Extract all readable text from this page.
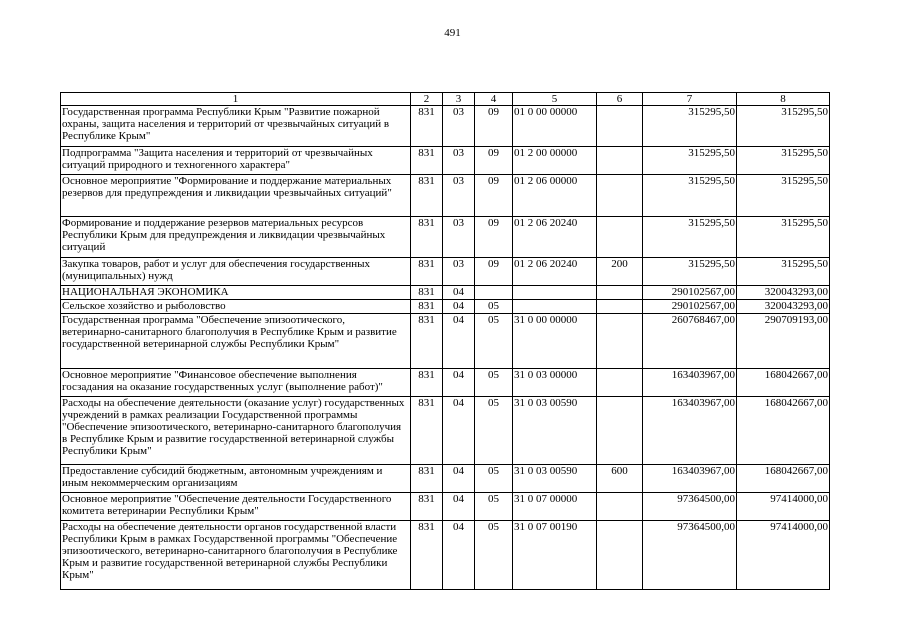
491
1	2	3	4	5	6	7	8
Государственная программа Республики Крым "Развитие пожарной охраны, защита населения и территорий от чрезвычайных ситуаций в Республике Крым"	831	03	09	01 0 00 00000		315295,50	315295,50
Подпрограмма "Защита населения и территорий от чрезвычайных ситуаций природного и техногенного характера"	831	03	09	01 2 00 00000		315295,50	315295,50
Основное мероприятие "Формирование и поддержание материальных резервов для предупреждения и ликвидации чрезвычайных ситуаций"	831	03	09	01 2 06 00000		315295,50	315295,50
Формирование и поддержание резервов материальных ресурсов Республики Крым для предупреждения и ликвидации чрезвычайных ситуаций	831	03	09	01 2 06 20240		315295,50	315295,50
Закупка товаров, работ и услуг для обеспечения государственных (муниципальных) нужд	831	03	09	01 2 06 20240	200	315295,50	315295,50
НАЦИОНАЛЬНАЯ ЭКОНОМИКА	831	04				290102567,00	320043293,00
Сельское хозяйство и рыболовство	831	04	05			290102567,00	320043293,00
Государственная программа "Обеспечение эпизоотического, ветеринарно-санитарного благополучия в Республике Крым и развитие государственной ветеринарной службы Республики Крым"	831	04	05	31 0 00 00000		260768467,00	290709193,00
Основное мероприятие "Финансовое обеспечение выполнения госзадания на оказание государственных услуг (выполнение работ)"	831	04	05	31 0 03 00000		163403967,00	168042667,00
Расходы на обеспечение деятельности (оказание услуг) государственных учреждений в рамках реализации Государственной программы "Обеспечение эпизоотического, ветеринарно-санитарного благополучия в Республике Крым и развитие государственной ветеринарной службы Республики Крым"	831	04	05	31 0 03 00590		163403967,00	168042667,00
Предоставление субсидий бюджетным, автономным учреждениям и иным некоммерческим организациям	831	04	05	31 0 03 00590	600	163403967,00	168042667,00
Основное мероприятие "Обеспечение деятельности Государственного комитета ветеринарии Республики Крым"	831	04	05	31 0 07 00000		97364500,00	97414000,00
Расходы на обеспечение деятельности органов государственной власти Республики Крым в рамках Государственной программы "Обеспечение эпизоотического, ветеринарно-санитарного благополучия в Республике Крым и развитие государственной ветеринарной службы Республики Крым"	831	04	05	31 0 07 00190		97364500,00	97414000,00
